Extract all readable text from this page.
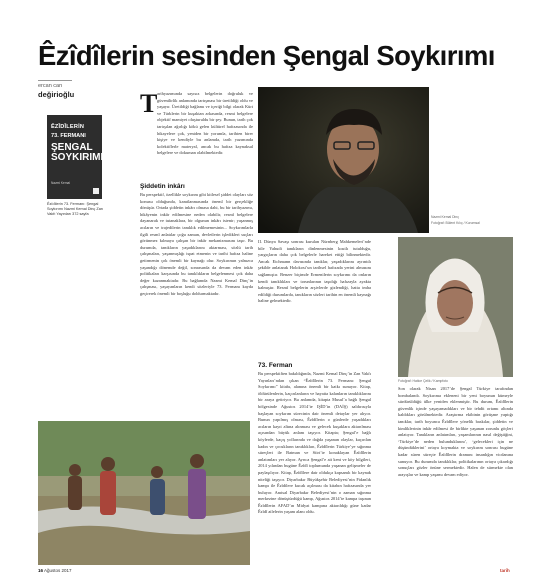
Êzîdîlerin sesinden Şengal Soykırımı
ercan can
değirioğlu
ÊZÎDÎLERİN
73. FERMANI
ŞENGAL SOYKIRIMI
Nazmi Kemal
Êzîdîlerin 73. Fermanı: Şengal Soykırımı Nazmi Kemal Dinç Zan Vakfı Yayınları 372 sayfa
T arihyazımında sayısız belgelerin doğruluk ve güvenilirlik anlamında tartışması bir üretildiği oldu ve yaşayır. Üretildiği bağlamı ve içeriği bilgi olarak Kürt ve Türklerin bir kuşaktan arkasında, resmi belgelere objektif mamiyet oluşturuldu bir şey. Bunun, tarih çok tartışılan ağırlığı kökü gelen kültürel hafızasında ile hikayelere çok, yeniden bir yorumla, tarihten birer kişiye ve kendiyle bu anlamda, tarih yazımında kolektiflerle materyal, ancak bu hafıza kaynaksal belgelere ve dokuman olabilmektedir.
Şiddetin inkârı
Bu perspektif, özellikle soykırım gibi kitlesel şiddet olayları söz konusu olduğunda, kanıtlanmasında öneml bir gerçekliğe dönüşür. Ortada şiddetin inkârı olmasa dahi, bu bir tarihyazımı, hikâyenin inkâr edilmesine neden olabilir, resmî belgelere dayanarak ve tutanaklara, bir olgunun inkârı istenir; yaşanmış acıların ve trajedilerin tanıklık edilmemesinin... Soykırımlarla ilgili resmî anlatılar çoğu zaman, devletlerin işledikleri suçları görünmez kılmaya çalışan bir inkâr mekanizmasını taşır. Bu durumda, tanıkların yaşadıklarını aktarması, sözlü tarih çalışmaları, yaşanmışlığı ispat etmenin ve tarihi hafıza haline getirmenin çok önemli bir kaynağı olur. Soykırımın yalnızca yaşandığı dönemde değil, sonrasında da devam eden inkâr politikaları karşısında bu tanıklıkların belgelenmesi çok daha değer kazanmaktadır. Bu bağlamda Nazmi Kemal Dinç’in çalışması, yaşayanların kendi sözleriyle 73. Fermanı kayda geçirerek önemli bir boşluğu doldurmaktadır.
Nazmi Kemal Dinç
Fotoğraf: Bülent Kılıç / Kurumsal
II. Dünya Savaşı sonrası kurulan Nürnberg Mahkemeleri’nde bile Yahudi tanıkların dinlenmesinin kısıtlı tutulduğu, yargıçların daha çok belgelerle hareket ettiği bilinmektedir. Ancak Eichmann davasında tanıklar, yaşadıklarını ayrıntılı şekilde anlatarak Holokost’un tarihsel hafızada yerini almasını sağlamıştır. Benzer biçimde Ermenilerin soykırımı da onların kendi tanıklıkları ve torunlarının taşıdığı hafızayla ayakta kalmıştır. Resmî belgelerin arşivlerde gizlendiği, hatta imha edildiği durumlarda, tanıkların sözleri tarihin en önemli kaynağı haline gelmektedir.
73. Ferman
Bu perspektiften bakıldığında, Nazmi Kemal Dinç’in Zan Vakfı Yayınları’ndan çıkan “Êzîdîlerin 73. Fermanı: Şengal Soykırımı” kitabı, alanına önemli bir katkı sunuyor. Kitap, öldürülenlerin, kaçırılanların ve hayatta kalanların tanıklıklarını bir araya getiriyor. Bu anlamda, kitapta Musul’a bağlı Şengal bölgesinde Ağustos 2014’te IŞİD’in (DAİŞ) saldırısıyla başlayan soykırım sürecinin dair önemli detaylar yer alıyor. Bunun yapılmış olması, Êzîdîlerin o günlerde yaşadıkları acıların kayıt altına alınması ve gelecek kuşaklara aktarılması açısından büyük anlam taşıyor. Kitapta; Şengal’e bağlı köylerde, kaçış yollarında ve dağda yaşanan olaylar, kaçırılan kadın ve çocukların tanıklıkları, Êzîdîlerin Türkiye’ye sığınma süreçleri ile Batman ve Siirt’te konaklayan Êzîdîlerin anlatımları yer alıyor. Ayrıca Şengal’e ait kent ve köy bilgileri, 2014 yılından bugüne Êzîdî toplumunda yaşanan gelişmeler de paylaşılıyor. Kitap, Êzîdîlere dair oldukça kapsamlı bir kaynak niteliği taşıyor. Diyarbakır Büyükşehir Belediyesi’nin Fidanlık kampı ile Êzîdilere kucak açılması da kitabın hafızasında yer buluyor. Anıtsal Diyarbakır Belediyesi’nin o zaman sığınma merkezine dönüştürdüğü kamp, Ağustos 2014’te kampa taşınan Êzîdîlerin AFAD’ın Midyat kampına aktarıldığı güne kadar Êzîdî ailelerin yaşam alanı oldu.
Fotoğraf: Hatice Çelik / Kampfoto
Son olarak Nisan 2017’de Şengal Türkiye tarafından bombalandı. Soykırıma ekleneni bir yeni boyunun kümeyle sürdürüldüğü ülke yeniden eklenmiştir. Bu durum, Êzîdîlerin güvenlik içinde yaşayamadıkları ve bir tehdit ortamı altında kaldıkları görülmektedir. Araştırma ekibinin görüşme yaptığı tanıklar, tarih boyunca Êzîdîlere yönelik baskılar, şiddetin ve kimliklerinin inkâr edilmesi ile birlikte yaşanan zorunlu göçleri anlatıyor. Tanıkların anlatımları, yaşamlarının nasıl değiştiğini, ‘Türkiye’de neden bulunduklarını’, ‘gelecekleri için ne düşündüklerini’ ortaya koymakta ve soykırım sonrası bugüne kadar süren süreçte Êzîdîlerin dramını insanlığın vicdanına sunuyor. Bu durumda tanıklıklar, politikalarının ortaya çıkardığı sonuçları gözler önüne sermektedir. Halen de sürmekte olan arayışlar ve kamp yaşamı devam ediyor.
16 Ağustos 2017	tarih
